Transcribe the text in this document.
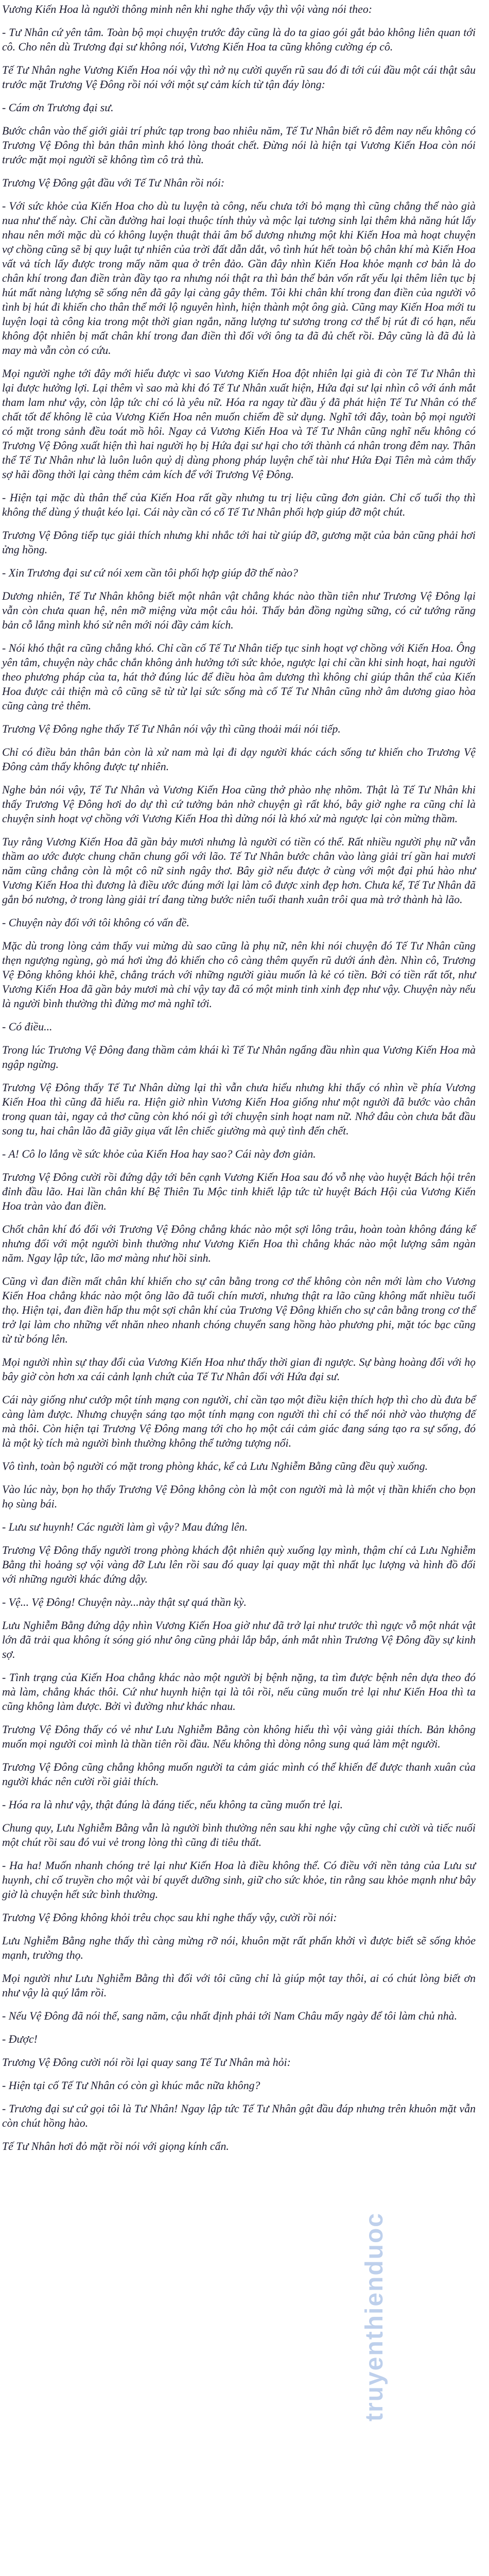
Vương Kiến Hoa là người thông minh nên khi nghe thấy vậy thì vội vàng nói theo:

- Tư Nhân cứ yên tâm. Toàn bộ mọi chuyện trước đây cũng là do ta giao gói gắt bảo không liên quan tới cô. Cho nên dù Trương đại sư không nói, Vương Kiến Hoa ta cũng không cường ép cô.

Tế Tư Nhân nghe Vương Kiến Hoa nói vậy thì nở nụ cười quyến rũ sau đó đi tới cúi đầu một cái thật sâu trước mặt Trương Vệ Đông rồi nói với một sự cảm kích từ tận đáy lòng:

- Cám ơn Trương đại sư.

Bước chân vào thế giới giải trí phức tạp trong bao nhiêu năm, Tế Tư Nhân biết rõ đêm nay nếu không có Trương Vệ Đông thì bản thân mình khó lòng thoát chết. Đừng nói là hiện tại Vương Kiến Hoa còn nói trước mặt mọi người sẽ không tìm cô trả thù.

Trương Vệ Đông gật đầu với Tế Tư Nhân rồi nói:

- Với sức khỏe của Kiến Hoa cho dù tu luyện tà công, nếu chưa tới bỏ mạng thì cũng chẳng thể nào già nua như thế này. Chỉ cần đường hai loại thuộc tính thủy và mộc lại tương sinh lại thêm khả năng hút lấy nhau nên mới mặc dù có không luyện thuật thải âm bổ dương nhưng một khi Kiến Hoa mà hoạt chuyện vợ chồng cũng sẽ bị quy luật tự nhiên của trời đất dẫn dắt, vô tình hút hết toàn bộ chân khí mà Kiến Hoa vất vả tích lấy được trong mấy năm qua ở trên đảo. Gần đây nhìn Kiến Hoa khỏe mạnh cơ bản là do chân khí trong đan điền tràn đầy tạo ra nhưng nói thật ra thì bản thể bản vốn rất yếu lại thêm liên tục bị hút mất nàng lượng sẽ sống nên đã gây lại càng gây thêm. Tôi khi chân khí trong đan điền của người vô tình bị hút đi khiến cho thân thể mới lộ nguyên hình, hiện thành một ông già. Cũng may Kiến Hoa mới tu luyện loại tà công kia trong một thời gian ngắn, năng lượng tư sương trong cơ thể bị rút đi có hạn, nếu không đột nhiên bị mất chân khí trong đan điền thì đối với ông ta đã đủ chết rồi. Đây cũng là đã đủ là may mà vẫn còn có cứu.

Mọi người nghe tới đây mới hiểu được vì sao Vương Kiến Hoa đột nhiên lại già đi còn Tế Tư Nhân thì lại được hưởng lợi. Lại thêm vì sao mà khi đó Tế Tư Nhân xuất hiện, Hứa đại sư lại nhìn cô với ánh mắt tham lam như vậy, còn lập tức chỉ có là yêu nữ. Hóa ra ngay từ đầu ý đã phát hiện Tế Tư Nhân có thể chất tốt để không lẽ của Vương Kiến Hoa nên muốn chiếm đề sử dụng. Nghĩ tới đây, toàn bộ mọi người có mặt trong sảnh đều toát mồ hôi. Ngay cả Vương Kiến Hoa và Tế Tư Nhân cũng nghĩ nếu không có Trương Vệ Đông xuất hiện thì hai người họ bị Hứa đại sư hại cho tới thành cá nhân trong đêm nay. Thân thể Tế Tư Nhân như là luôn luôn quỷ dị dùng phong pháp luyện chế tài như Hứa Đại Tiên mà cảm thấy sợ hãi đồng thời lại càng thêm cảm kích để với Trương Vệ Đông.

- Hiện tại mặc dù thân thể của Kiến Hoa rất gầy nhưng tu trị liệu cũng đơn giản. Chỉ cố tuổi thọ thì không thể dùng ý thuật kéo lại. Cái này cần có cố Tế Tư Nhân phối hợp giúp đỡ một chút.

Trương Vệ Đông tiếp tục giải thích nhưng khi nhắc tới hai từ giúp đỡ, gương mặt của bản cũng phải hơi ửng hồng.

- Xin Trương đại sư cứ nói xem cần tôi phối hợp giúp đỡ thế nào?

Dương nhiên, Tế Tư Nhân không biết một nhân vật chẳng khác nào thần tiên như Trương Vệ Đông lại vẫn còn chưa quan hệ, nên mỡ miệng vừa một câu hỏi. Thấy bản đồng ngừng sững, có cử tướng răng bản cỗ lắng mình khó sử nên mới nói đầy cảm kích.

- Nói khó thật ra cũng chẳng khó. Chỉ cần cố Tế Tư Nhân tiếp tục sinh hoạt vợ chồng với Kiến Hoa. Ông yên tâm, chuyện này chắc chắn không ảnh hưởng tới sức khỏe, ngược lại chỉ cần khi sinh hoạt, hai người theo phương pháp của ta, hát thở đúng lúc để điều hòa âm dương thì không chỉ giúp thân thể của Kiến Hoa được cải thiện mà cô cũng sẽ từ từ lại sức sống mà cố Tế Tư Nhân cũng nhờ âm dương giao hòa cũng càng trẻ thêm.

Trương Vệ Đông nghe thấy Tế Tư Nhân nói vậy thì cũng thoải mái nói tiếp.

Chỉ có điều bản thân bản còn là xử nam mà lại đi dạy người khác cách sống tư khiến cho Trương Vệ Đông cảm thấy không được tự nhiên.

Nghe bản nói vậy, Tế Tư Nhân và Vương Kiến Hoa cũng thở phào nhẹ nhõm. Thật là Tế Tư Nhân khi thấy Trương Vệ Đông hơi do dự thì cứ tưởng bản nhờ chuyện gì rất khó, bây giờ nghe ra cũng chỉ là chuyện sinh hoạt vợ chồng với Vương Kiến Hoa thì dửng nói là khó xử mà ngược lại còn mừng thầm.

Tuy rằng Vương Kiến Hoa đã gần bảy mươi nhưng là người có tiền có thế. Rất nhiều người phụ nữ vẫn thầm ao ước được chung chăn chung gối với lão. Tế Tư Nhân bước chân vào làng giải trí gần hai mươi năm cũng chẳng còn là một cô nữ sinh ngây thơ. Bây giờ nếu được ở cùng với một đại phú hào như Vương Kiến Hoa thì đương là điều ước đúng mới lại làm cô được xinh đẹp hơn. Chưa kể, Tế Tư Nhân đã gắn bó nương, ở trong làng giải trí đang từng bước niên tuổi thanh xuân trôi qua mà trở thành hà lão.

- Chuyện này đối với tôi không có vấn đề.

Mặc dù trong lòng cảm thấy vui mừng dù sao cũng là phụ nữ, nên khi nói chuyện đó Tế Tư Nhân cũng thẹn ngượng ngùng, gò má hơi ửng đỏ khiến cho cô càng thêm quyến rũ dưới ánh đèn. Nhìn cô, Trương Vệ Đông không khỏi khẽ, chẳng trách với những người giàu muốn là kẻ có tiền. Bởi có tiền rất tốt, như Vương Kiến Hoa đã gần bảy mươi mà chỉ vậy tay đã có một minh tinh xinh đẹp như vậy. Chuyện này nếu là người bình thường thì đừng mơ mà nghĩ tới.

- Có điều...

Trong lúc Trương Vệ Đông đang thầm cảm khái kì Tế Tư Nhân ngẩng đầu nhìn qua Vương Kiến Hoa mà ngập ngừng.

Trương Vệ Đông thấy Tế Tư Nhân dừng lại thì vẫn chưa hiểu nhưng khi thấy có nhìn về phía Vương Kiến Hoa thì cũng đã hiểu ra. Hiện giờ nhìn Vương Kiến Hoa giống như một người đã bước vào chân trong quan tài, ngay cả thơ cũng còn khó nói gì tới chuyện sinh hoạt nam nữ. Nhớ đâu còn chưa bắt đầu song tu, hai chân lão đã giãy giụa vất lên chiếc giường mà quỷ tình đến chết.

- A! Cô lo lắng về sức khỏe của Kiến Hoa hay sao? Cái này đơn giản.

Trương Vệ Đông cười rồi đứng dậy tới bên cạnh Vương Kiến Hoa sau đó vỗ nhẹ vào huyệt Bách hội trên đỉnh đầu lão. Hai lần chân khí Bệ Thiên Tu Mộc tinh khiết lập tức từ huyệt Bách Hội của Vương Kiến Hoa tràn vào đan điền.

Chốt chân khí đó đối với Trương Vệ Đông chẳng khác nào một sợi lông trâu, hoàn toàn không đáng kể nhưng đối với một người bình thường như Vương Kiến Hoa thì chẳng khác nào một lượng sâm ngàn năm. Ngay lập tức, lão mơ màng như hồi sinh.

Cũng vì đan điền mất chân khí khiến cho sự cân bằng trong cơ thể không còn nên mới làm cho Vương Kiến Hoa chẳng khác nào một ông lão đã tuổi chín mươi, nhưng thật ra lão cũng không mất nhiều tuổi thọ. Hiện tại, đan điền hấp thu một sợi chân khí của Trương Vệ Đông khiến cho sự cân bằng trong cơ thể trở lại làm cho những vết nhăn nheo nhanh chóng chuyển sang hồng hào phương phi, mặt tóc bạc cũng từ từ bóng lên.

Mọi người nhìn sự thay đổi của Vương Kiến Hoa như thấy thời gian đi ngược. Sự bàng hoàng đối với họ bây giờ còn hơn xa cái cảnh lạnh chứt của Tế Tư Nhân đối với Hứa đại sư.

Cái này giống như cướp một tính mạng con người, chỉ cần tạo một điều kiện thích hợp thì cho dù đưa bể càng làm được. Nhưng chuyện sáng tạo một tính mạng con người thì chỉ có thể nói nhờ vào thượng đế mà thôi. Còn hiện tại Trương Vệ Đông mang tới cho họ một cái cảm giác đang sáng tạo ra sự sống, đó là một kỳ tích mà người bình thường không thể tưởng tượng nổi.

Vô tình, toàn bộ người có mặt trong phòng khác, kể cả Lưu Nghiễm Bằng cũng đều quỳ xuống.

Vào lúc này, bọn họ thấy Trương Vệ Đông không còn là một con người mà là một vị thần khiến cho bọn họ sùng bái.

- Lưu sư huynh! Các người làm gì vậy? Mau đứng lên.

Trương Vệ Đông thấy người trong phòng khách đột nhiên quỳ xuống lạy mình, thậm chí cả Lưu Nghiễm Bằng thì hoảng sợ vội vàng đỡ Lưu lên rồi sau đó quay lại quay mặt thì nhất lục lượng và hình đồ đối với những người khác đứng dậy.

- Vệ... Vệ Đông! Chuyện này...này thật sự quá thần kỳ.

Lưu Nghiễm Bằng đứng dậy nhìn Vương Kiến Hoa giờ như đã trở lại như trước thì ngực vỗ một nhát vật lớn đã trải qua không ít sóng gió như ông cũng phải lắp bắp, ánh mắt nhìn Trương Vệ Đông đầy sự kinh sợ.

- Tình trạng của Kiến Hoa chẳng khác nào một người bị bệnh nặng, ta tìm được bệnh nên dựa theo đó mà làm, chẳng khác thôi. Cứ như huynh hiện tại là tôi rồi, nếu cũng muốn trẻ lại như Kiến Hoa thì ta cũng không làm được. Bởi vì đường như khác nhau.

Trương Vệ Đông thấy có vẻ như Lưu Nghiễm Bằng còn không hiểu thì vội vàng giải thích. Bản không muốn mọi người coi mình là thần tiên rồi đầu. Nếu không thì dòng nông sung quá làm mệt người.

Trương Vệ Đông cũng chẳng không muốn người ta cảm giác mình có thể khiến để được thanh xuân của người khác nên cười rồi giải thích.

- Hóa ra là như vậy, thật đúng là đáng tiếc, nếu không ta cũng muốn trẻ lại.

Chung quy, Lưu Nghiễm Bằng vẫn là người bình thường nên sau khi nghe vậy cũng chỉ cười và tiếc nuối một chút rồi sau đó vui vẻ trong lòng thì cũng đi tiêu thất.

- Ha ha! Muốn nhanh chóng trẻ lại như Kiến Hoa là điều không thể. Có điều với nền tảng của Lưu sư huynh, chỉ cố truyền cho một vài bí quyết dưỡng sinh, giữ cho sức khỏe, tin rằng sau khỏe mạnh như bây giờ là chuyện hết sức bình thường.

Trương Vệ Đông không khỏi trêu chọc sau khi nghe thấy vậy, cười rồi nói:

Lưu Nghiễm Bằng nghe thấy thì càng mừng rỡ nói, khuôn mặt rất phấn khởi vì được biết sẽ sống khỏe mạnh, trường thọ.

Mọi người như Lưu Nghiễm Bằng thì đối với tôi cũng chỉ là giúp một tay thôi, ai có chút lòng biết ơn như vậy là quý lắm rồi.

- Nếu Vệ Đông đã nói thế, sang năm, cậu nhất định phải tới Nam Châu mấy ngày để tôi làm chủ nhà.

- Được!

Trương Vệ Đông cười nói rồi lại quay sang Tế Tư Nhân mà hỏi:

- Hiện tại cố Tế Tư Nhân có còn gì khúc mắc nữa không?

- Trương đại sư cứ gọi tôi là Tư Nhân! Ngay lập tức Tế Tư Nhân gật đầu đáp nhưng trên khuôn mặt vẫn còn chút hồng hào.

Tế Tư Nhân hơi đỏ mặt rồi nói với giọng kính cẩn.

truyenthienduoc
